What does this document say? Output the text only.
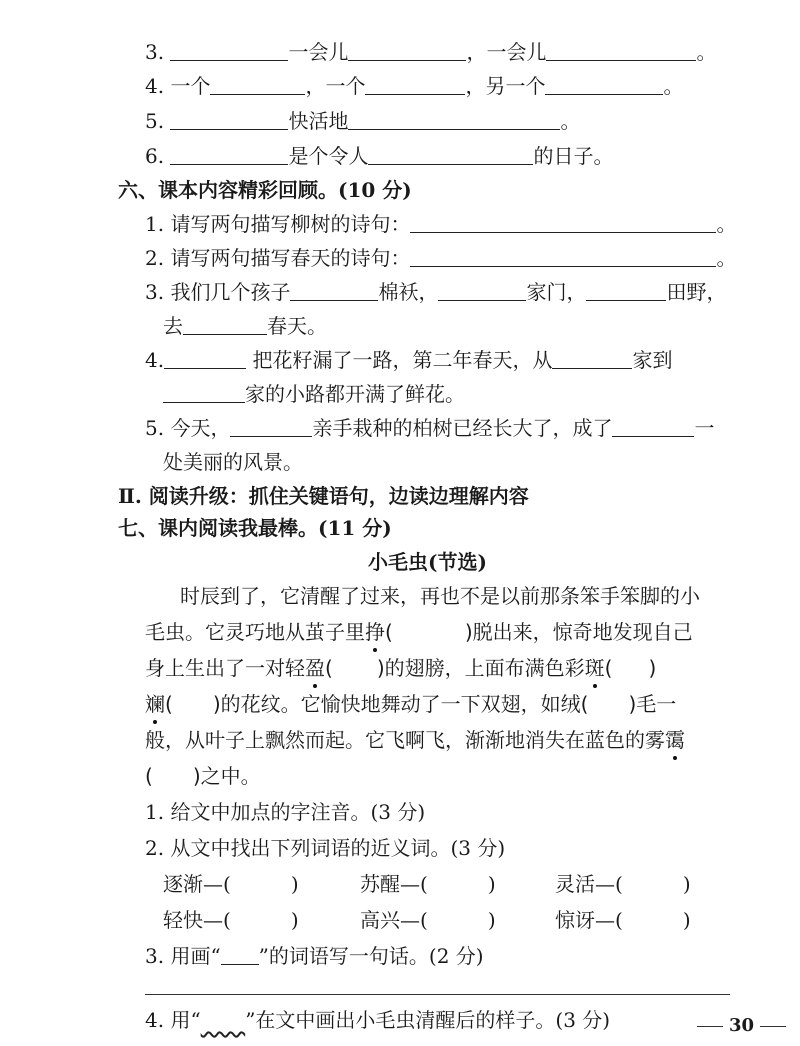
3.	一会儿	，一会儿	。
4. 一个	，一个	，另一个	。
5.	快活地	。
6.	是个令人	的日子。
六、课本内容精彩回顾。(10 分)
1. 请写两句描写柳树的诗句：	。
2. 请写两句描写春天的诗句：	。
3. 我们几个孩子	棉袄，	家门，	田野，
去	春天。
4.	把花籽漏了一路，第二年春天，从	家到
家的小路都开满了鲜花。
5. 今天，	亲手栽种的柏树已经长大了，成了	一
处美丽的风景。
Ⅱ. 阅读升级：抓住关键语句，边读边理解内容
七、课内阅读我最棒。(11 分)
小毛虫(节选)
时辰到了，它清醒了过来，再也不是以前那条笨手笨脚的小
毛虫。它灵巧地从茧子里挣(	)脱出来，惊奇地发现自己
身上生出了一对轻盈( )的翅膀，上面布满色彩斑( )
斓( )的花纹。它愉快地舞动了一下双翅，如绒( )毛一
般，从叶子上飘然而起。它飞啊飞，渐渐地消失在蓝色的雾霭
( )之中。
1. 给文中加点的字注音。(3 分)
2. 从文中找出下列词语的近义词。(3 分)
逐渐—(	)	苏醒—(	)	灵活—(	)
轻快—(	)	高兴—(	)	惊讶—(	)
3. 用画“ ”的词语写一句话。(2 分)
4. 用“ ”在文中画出小毛虫清醒后的样子。(3 分)	30
